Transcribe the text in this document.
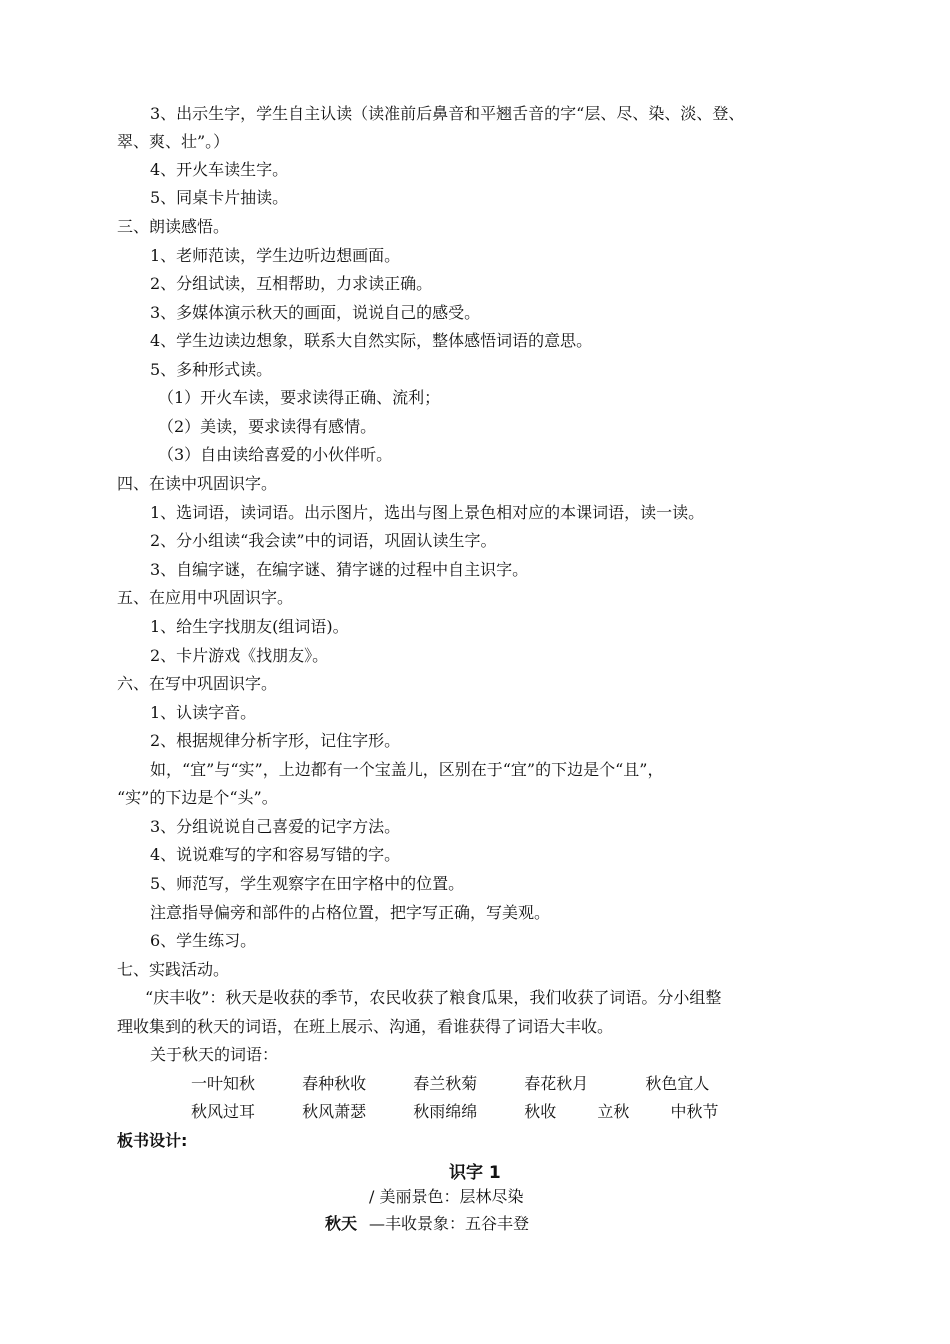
3、出示生字，学生自主认读（读准前后鼻音和平翘舌音的字“层、尽、染、淡、登、
翠、爽、壮”。）
4、开火车读生字。
5、同桌卡片抽读。
三、朗读感悟。
1、老师范读，学生边听边想画面。
2、分组试读，互相帮助，力求读正确。
3、多媒体演示秋天的画面，说说自己的感受。
4、学生边读边想象，联系大自然实际，整体感悟词语的意思。
5、多种形式读。
（1）开火车读，要求读得正确、流利；
（2）美读，要求读得有感情。
（3）自由读给喜爱的小伙伴听。
四、在读中巩固识字。
1、选词语，读词语。出示图片，选出与图上景色相对应的本课词语，读一读。
2、分小组读“我会读”中的词语，巩固认读生字。
3、自编字谜，在编字谜、猜字谜的过程中自主识字。
五、在应用中巩固识字。
1、给生字找朋友(组词语)。
2、卡片游戏《找朋友》。
六、在写中巩固识字。
1、认读字音。
2、根据规律分析字形，记住字形。
如，“宜”与“实”，上边都有一个宝盖儿，区别在于“宜”的下边是个“且”，
“实”的下边是个“头”。
3、分组说说自己喜爱的记字方法。
4、说说难写的字和容易写错的字。
5、师范写，学生观察字在田字格中的位置。
注意指导偏旁和部件的占格位置，把字写正确，写美观。
6、学生练习。
七、实践活动。
“庆丰收”：秋天是收获的季节，农民收获了粮食瓜果，我们收获了词语。分小组整
理收集到的秋天的词语，在班上展示、沟通，看谁获得了词语大丰收。
关于秋天的词语：
一叶知秋	春种秋收	春兰秋菊	春花秋月	秋色宜人
秋风过耳	秋风萧瑟	秋雨绵绵	秋收	立秋	中秋节
板书设计:
识字 1
/ 美丽景色：层林尽染
秋天 —丰收景象：五谷丰登
